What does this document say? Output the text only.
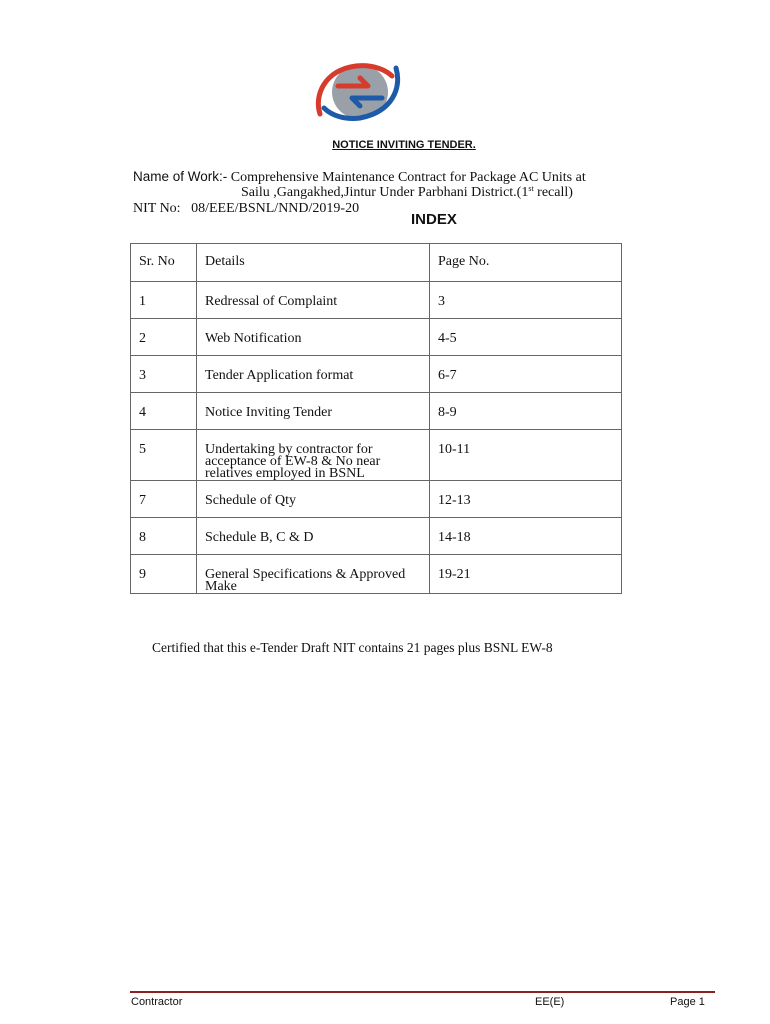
NOTICE INVITING TENDER.
Name of Work:- Comprehensive Maintenance Contract for Package AC Units at
Sailu ,Gangakhed,Jintur Under Parbhani District.(1st recall)
NIT No: 08/EEE/BSNL/NND/2019-20
INDEX
Sr. No	Details	Page No.

1	Redressal of Complaint	3

2	Web Notification	4-5

3	Tender Application format	6-7

4	Notice Inviting Tender	8-9

5	Undertaking by contractor for acceptance of EW-8 & No near relatives employed in BSNL	10-11

7	Schedule of Qty	12-13

8	Schedule B, C & D	14-18

9	General Specifications & Approved Make	19-21
Certified that this e-Tender Draft NIT contains 21 pages plus BSNL EW-8
Contractor	EE(E)	Page 1
